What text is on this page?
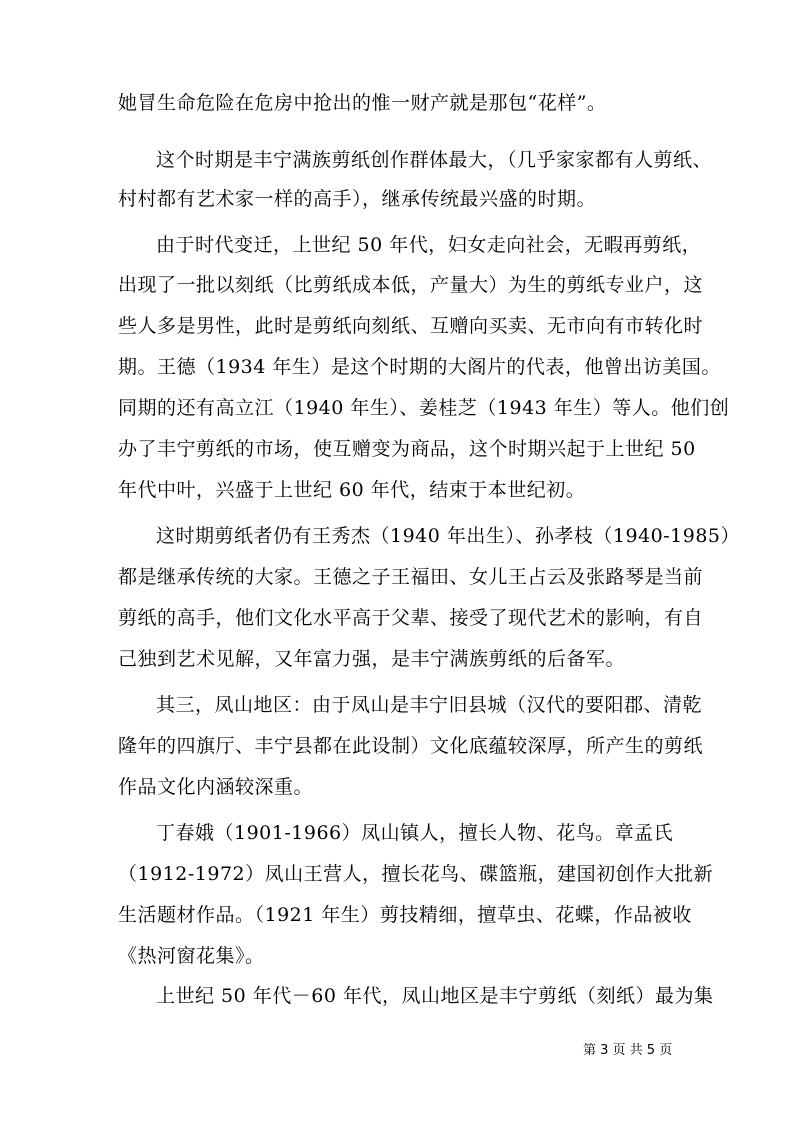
她冒生命危险在危房中抢出的惟一财产就是那包“花样”。
这个时期是丰宁满族剪纸创作群体最大，（几乎家家都有人剪纸、
村村都有艺术家一样的高手），继承传统最兴盛的时期。
由于时代变迁，上世纪 50 年代，妇女走向社会，无暇再剪纸，
出现了一批以刻纸（比剪纸成本低，产量大）为生的剪纸专业户，这
些人多是男性，此时是剪纸向刻纸、互赠向买卖、无市向有市转化时
期。王德（1934 年生）是这个时期的大阁片的代表，他曾出访美国。
同期的还有高立江（1940 年生）、姜桂芝（1943 年生）等人。他们创
办了丰宁剪纸的市场，使互赠变为商品，这个时期兴起于上世纪 50
年代中叶，兴盛于上世纪 60 年代，结束于本世纪初。
这时期剪纸者仍有王秀杰（1940 年出生）、孙孝枝（1940-1985）
都是继承传统的大家。王德之子王福田、女儿王占云及张路琴是当前
剪纸的高手，他们文化水平高于父辈、接受了现代艺术的影响，有自
己独到艺术见解，又年富力强，是丰宁满族剪纸的后备军。
其三，凤山地区：由于凤山是丰宁旧县城（汉代的要阳郡、清乾
隆年的四旗厅、丰宁县都在此设制）文化底蕴较深厚，所产生的剪纸
作品文化内涵较深重。
丁春娥（1901-1966）凤山镇人，擅长人物、花鸟。章孟氏
（1912-1972）凤山王营人，擅长花鸟、碟篮瓶，建国初创作大批新
生活题材作品。（1921 年生）剪技精细，擅草虫、花蝶，作品被收
《热河窗花集》。
上世纪 50 年代－60 年代，凤山地区是丰宁剪纸（刻纸）最为集
第 3 页 共 5 页
